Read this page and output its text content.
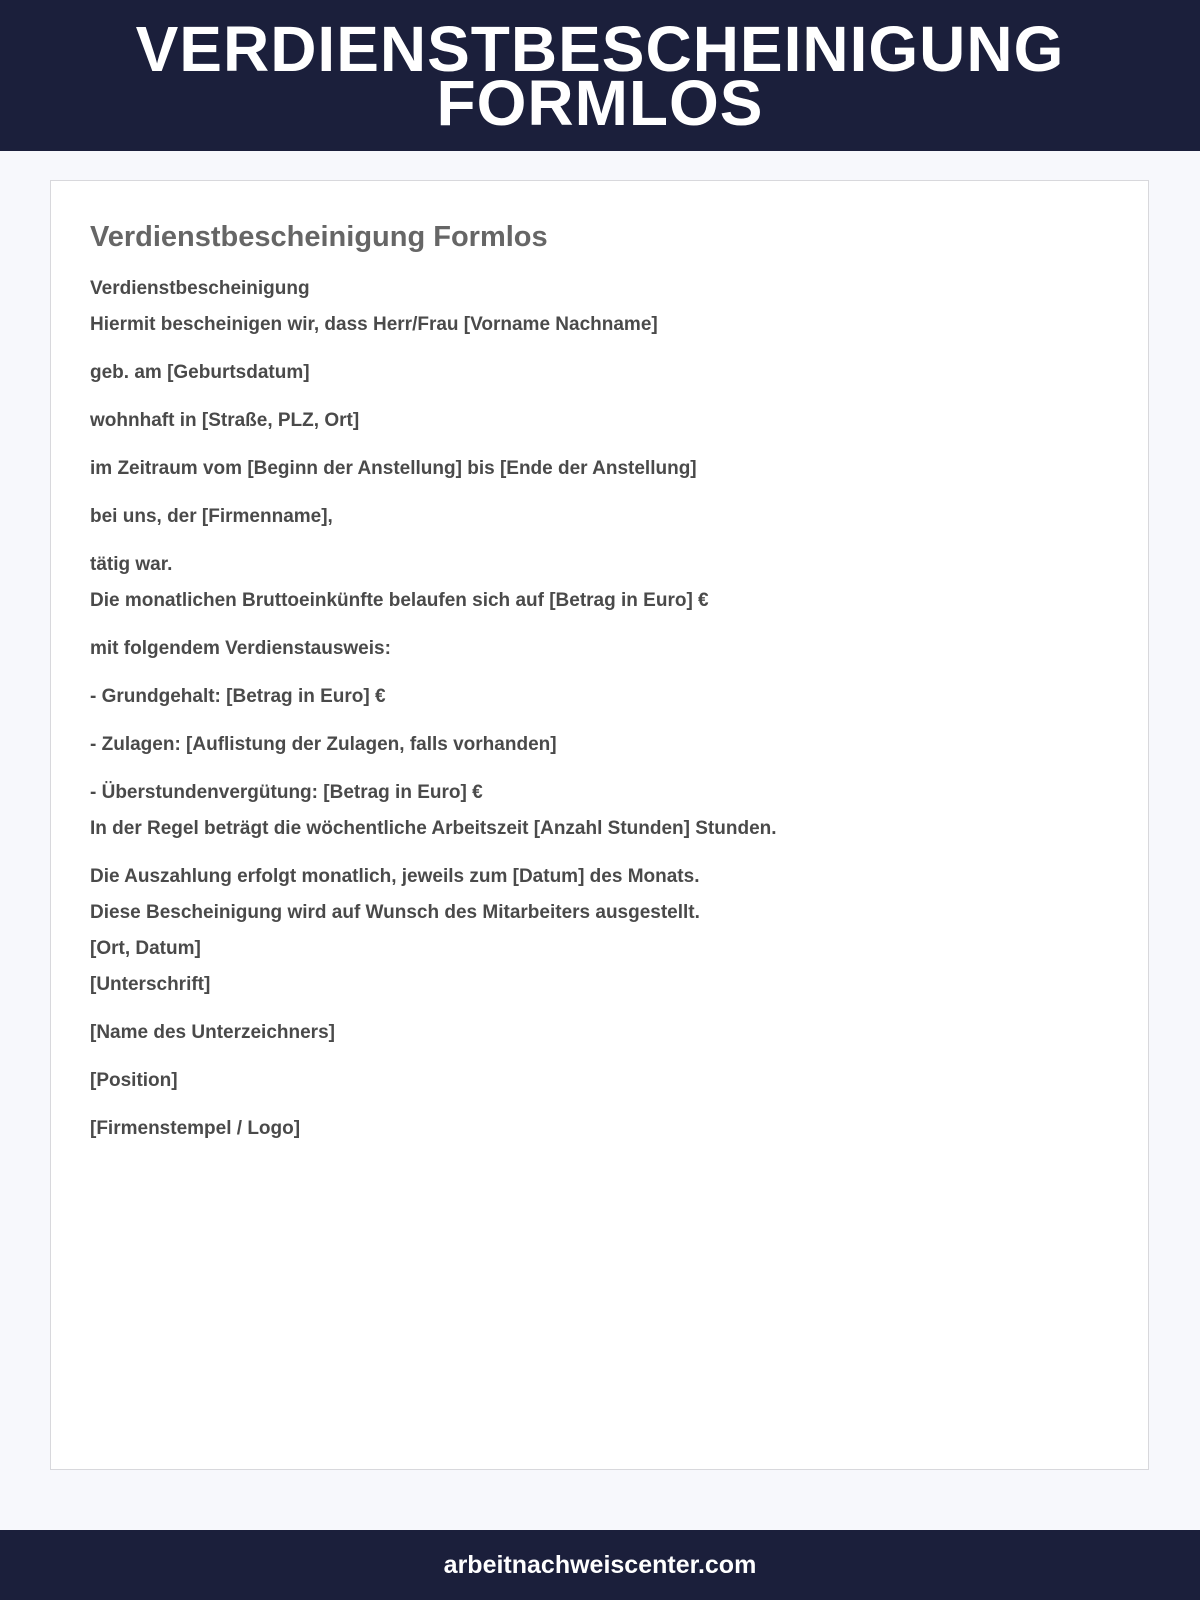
VERDIENSTBESCHEINIGUNG FORMLOS
Verdienstbescheinigung Formlos

Verdienstbescheinigung

Hiermit bescheinigen wir, dass Herr/Frau [Vorname Nachname]

geb. am [Geburtsdatum]

wohnhaft in [Straße, PLZ, Ort]

im Zeitraum vom [Beginn der Anstellung] bis [Ende der Anstellung]

bei uns, der [Firmenname],

tätig war.

Die monatlichen Bruttoeinkünfte belaufen sich auf [Betrag in Euro] €

mit folgendem Verdienstausweis:

- Grundgehalt: [Betrag in Euro] €

- Zulagen: [Auflistung der Zulagen, falls vorhanden]

- Überstundenvergütung: [Betrag in Euro] €

In der Regel beträgt die wöchentliche Arbeitszeit [Anzahl Stunden] Stunden.

Die Auszahlung erfolgt monatlich, jeweils zum [Datum] des Monats.

Diese Bescheinigung wird auf Wunsch des Mitarbeiters ausgestellt.

[Ort, Datum]

[Unterschrift]

[Name des Unterzeichners]

[Position]

[Firmenstempel / Logo]

arbeitnachweiscenter.com
